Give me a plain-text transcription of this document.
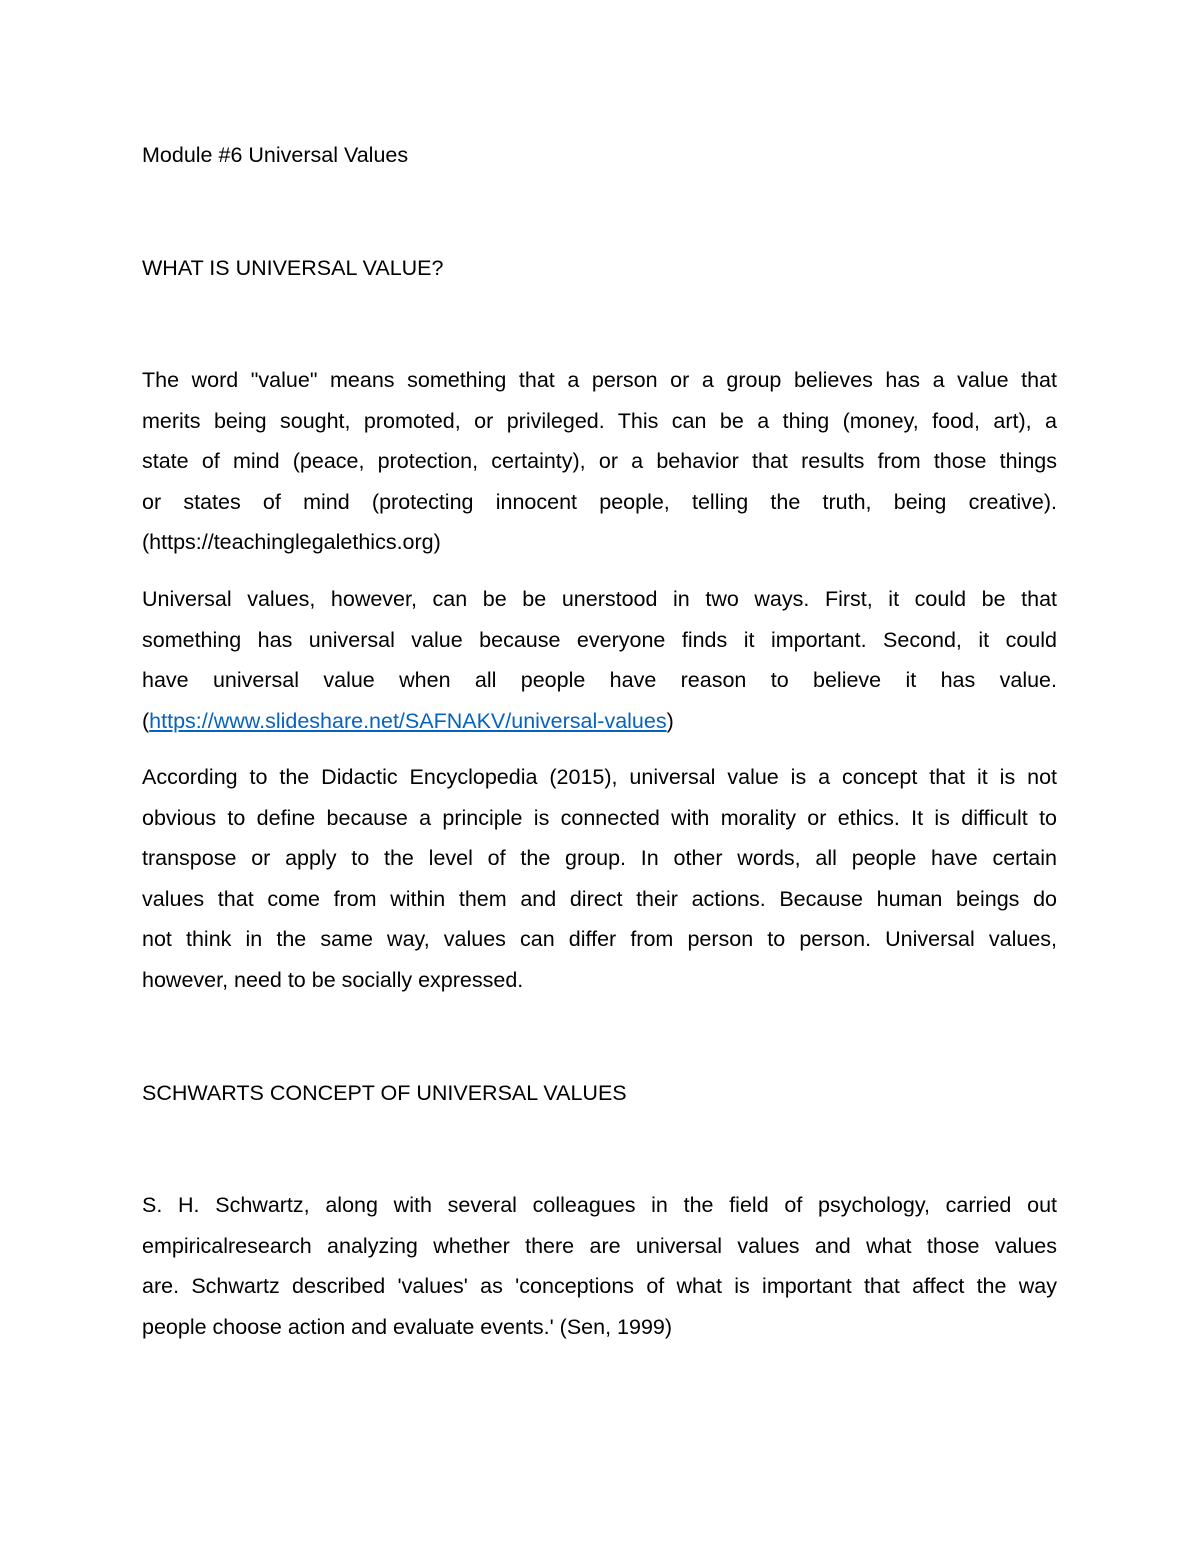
Module #6 Universal Values

WHAT IS UNIVERSAL VALUE?

The word "value" means something that a person or a group believes has a value that
merits being sought, promoted, or privileged. This can be a thing (money, food, art), a
state of mind (peace, protection, certainty), or a behavior that results from those things
or states of mind (protecting innocent people, telling the truth, being creative).
(https://teachinglegalethics.org)

Universal values, however, can be be unerstood in two ways. First, it could be that
something has universal value because everyone finds it important. Second, it could
have universal value when all people have reason to believe it has value.
(https://www.slideshare.net/SAFNAKV/universal-values)

According to the Didactic Encyclopedia (2015), universal value is a concept that it is not
obvious to define because a principle is connected with morality or ethics. It is difficult to
transpose or apply to the level of the group. In other words, all people have certain
values that come from within them and direct their actions. Because human beings do
not think in the same way, values can differ from person to person. Universal values,
however, need to be socially expressed.

SCHWARTS CONCEPT OF UNIVERSAL VALUES

S. H. Schwartz, along with several colleagues in the field of psychology, carried out
empiricalresearch analyzing whether there are universal values and what those values
are. Schwartz described 'values' as 'conceptions of what is important that affect the way
people choose action and evaluate events.' (Sen, 1999)
